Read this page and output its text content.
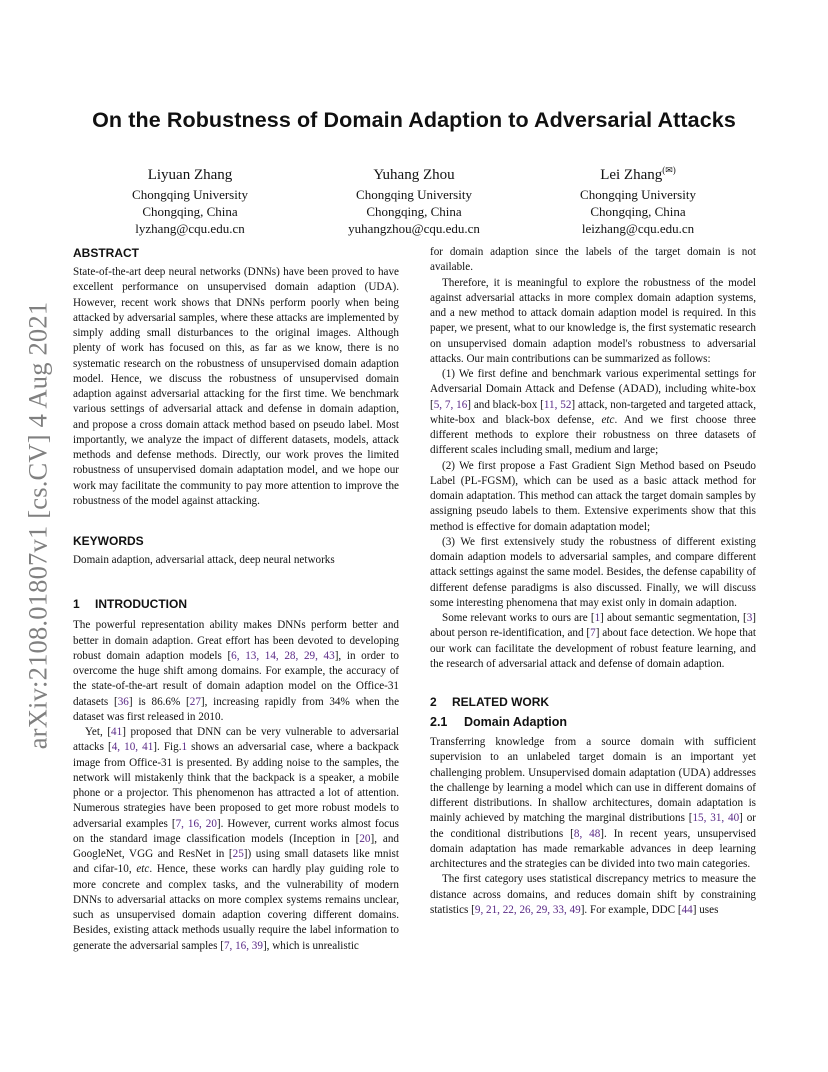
arXiv:2108.01807v1 [cs.CV] 4 Aug 2021
On the Robustness of Domain Adaption to Adversarial Attacks
Liyuan Zhang
Chongqing University
Chongqing, China
lyzhang@cqu.edu.cn
Yuhang Zhou
Chongqing University
Chongqing, China
yuhangzhou@cqu.edu.cn
Lei Zhang(✉)
Chongqing University
Chongqing, China
leizhang@cqu.edu.cn
ABSTRACT

State-of-the-art deep neural networks (DNNs) have been proved to have excellent performance on unsupervised domain adaption (UDA). However, recent work shows that DNNs perform poorly when being attacked by adversarial samples, where these attacks are implemented by simply adding small disturbances to the original images. Although plenty of work has focused on this, as far as we know, there is no systematic research on the robustness of unsupervised domain adaption model. Hence, we discuss the robustness of unsupervised domain adaption against adversarial attacking for the first time. We benchmark various settings of adversarial attack and defense in domain adaption, and propose a cross domain attack method based on pseudo label. Most importantly, we analyze the impact of different datasets, models, attack methods and defense methods. Directly, our work proves the limited robustness of unsupervised domain adaptation model, and we hope our work may facilitate the community to pay more attention to improve the robustness of the model against attacking.

KEYWORDS

Domain adaption, adversarial attack, deep neural networks

1 INTRODUCTION

The powerful representation ability makes DNNs perform better and better in domain adaption. Great effort has been devoted to developing robust domain adaption models [6, 13, 14, 28, 29, 43], in order to overcome the huge shift among domains. For example, the accuracy of the state-of-the-art result of domain adaption model on the Office-31 datasets [36] is 86.6% [27], increasing rapidly from 34% when the dataset was first released in 2010.

Yet, [41] proposed that DNN can be very vulnerable to adversarial attacks [4, 10, 41]. Fig.1 shows an adversarial case, where a backpack image from Office-31 is presented. By adding noise to the samples, the network will mistakenly think that the backpack is a speaker, a mobile phone or a projector. This phenomenon has attracted a lot of attention. Numerous strategies have been proposed to get more robust models to adversarial examples [7, 16, 20]. However, current works almost focus on the standard image classification models (Inception in [20], and GoogleNet, VGG and ResNet in [25]) using small datasets like mnist and cifar-10, etc. Hence, these works can hardly play guiding role to more concrete and complex tasks, and the vulnerability of modern DNNs to adversarial attacks on more complex systems remains unclear, such as unsupervised domain adaption covering different domains. Besides, existing attack methods usually require the label information to generate the adversarial samples [7, 16, 39], which is unrealistic

for domain adaption since the labels of the target domain is not available.

Therefore, it is meaningful to explore the robustness of the model against adversarial attacks in more complex domain adaption systems, and a new method to attack domain adaption model is required. In this paper, we present, what to our knowledge is, the first systematic research on unsupervised domain adaption model's robustness to adversarial attacks. Our main contributions can be summarized as follows:

(1) We first define and benchmark various experimental settings for Adversarial Domain Attack and Defense (ADAD), including white-box [5, 7, 16] and black-box [11, 52] attack, non-targeted and targeted attack, white-box and black-box defense, etc. And we first choose three different methods to explore their robustness on three datasets of different scales including small, medium and large;

(2) We first propose a Fast Gradient Sign Method based on Pseudo Label (PL-FGSM), which can be used as a basic attack method for domain adaptation. This method can attack the target domain samples by assigning pseudo labels to them. Extensive experiments show that this method is effective for domain adaptation model;

(3) We first extensively study the robustness of different existing domain adaption models to adversarial samples, and compare different attack settings against the same model. Besides, the defense capability of different defense paradigms is also discussed. Finally, we will discuss some interesting phenomena that may exist only in domain adaption.

Some relevant works to ours are [1] about semantic segmentation, [3] about person re-identification, and [7] about face detection. We hope that our work can facilitate the development of robust feature learning, and the research of adversarial attack and defense of domain adaption.

2 RELATED WORK
2.1 Domain Adaption

Transferring knowledge from a source domain with sufficient supervision to an unlabeled target domain is an important yet challenging problem. Unsupervised domain adaptation (UDA) addresses the challenge by learning a model which can use in different domains of different distributions. In shallow architectures, domain adaptation is mainly achieved by matching the marginal distributions [15, 31, 40] or the conditional distributions [8, 48]. In recent years, unsupervised domain adaptation has made remarkable advances in deep learning architectures and the strategies can be divided into two main categories.

The first category uses statistical discrepancy metrics to measure the distance across domains, and reduces domain shift by constraining statistics [9, 21, 22, 26, 29, 33, 49]. For example, DDC [44] uses
